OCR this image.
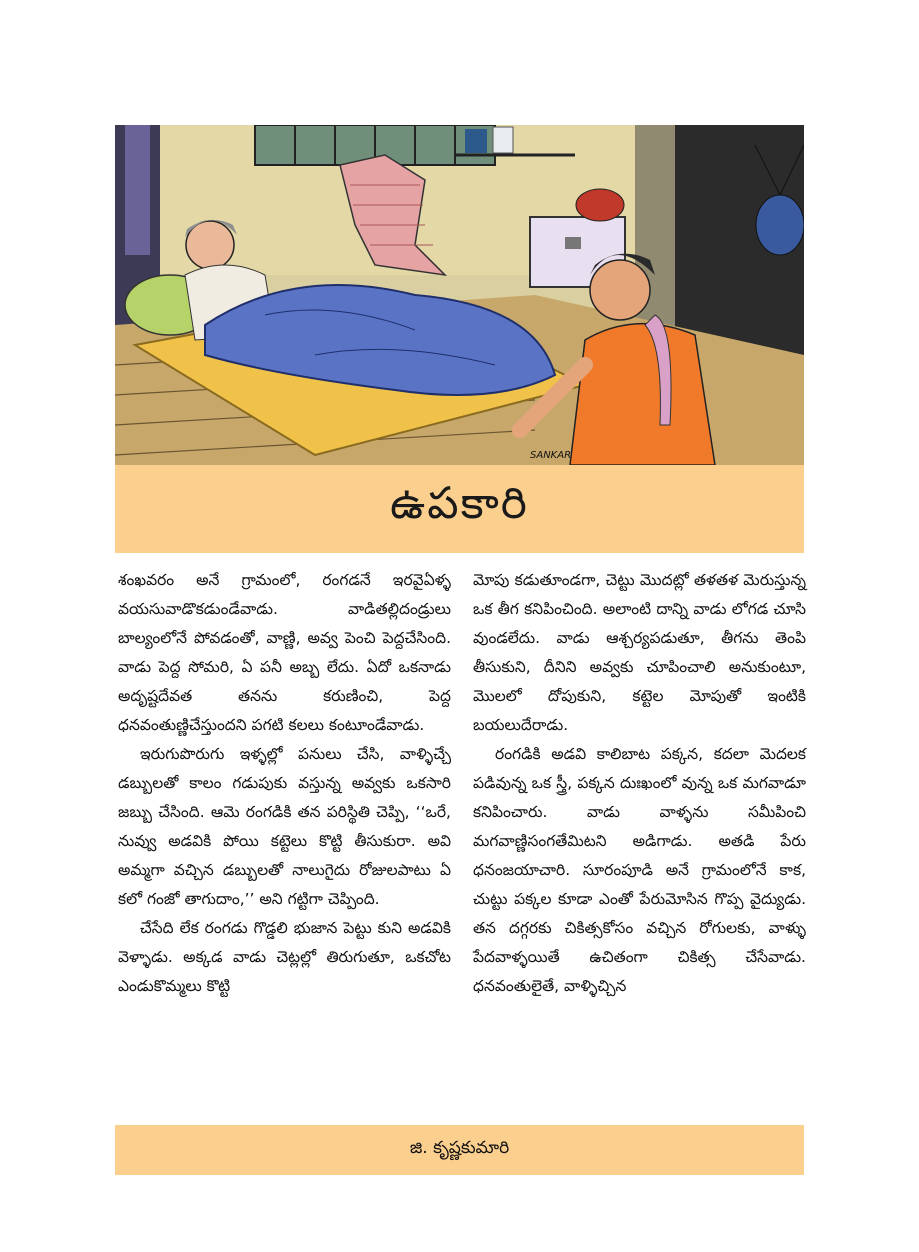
SANKAR
ఉపకారి

శంఖవరం అనే గ్రామంలో, రంగడనే ఇరవైఏళ్ళ వయసువాడొకడుండేవాడు. వాడితల్లిదండ్రులు బాల్యంలోనే పోవడంతో, వాణ్ణి, అవ్వ పెంచి పెద్దచేసింది. వాడు పెద్ద సోమరి, ఏ పనీ అబ్బ లేదు. ఏదో ఒకనాడు అదృష్టదేవత తనను కరుణించి, పెద్ద ధనవంతుణ్ణిచేస్తుందని పగటి కలలు కంటూండేవాడు.

ఇరుగుపొరుగు ఇళ్ళల్లో పనులు చేసి, వాళ్ళిచ్చే డబ్బులతో కాలం గడుపుకు వస్తున్న అవ్వకు ఒకసారి జబ్బు చేసింది. ఆమె రంగడికి తన పరిస్థితి చెప్పి, ‘‘ఒరే, నువ్వు అడవికి పోయి కట్టెలు కొట్టి తీసుకురా. అవి అమ్మగా వచ్చిన డబ్బులతో నాలుగైదు రోజులపాటు ఏ కలో గంజో తాగుదాం,’’ అని గట్టిగా చెప్పింది.

చేసేది లేక రంగడు గొడ్డలి భుజాన పెట్టు కుని అడవికి వెళ్ళాడు. అక్కడ వాడు చెట్లల్లో తిరుగుతూ, ఒకచోట ఎండుకొమ్మలు కొట్టి

మోపు కడుతూండగా, చెట్టు మొదట్లో తళతళ మెరుస్తున్న ఒక తీగ కనిపించింది. అలాంటి దాన్ని వాడు లోగడ చూసి వుండలేదు. వాడు ఆశ్చర్యపడుతూ, తీగను తెంపి తీసుకుని, దీనిని అవ్వకు చూపించాలి అనుకుంటూ, మొలలో దోపుకుని, కట్టెల మోపుతో ఇంటికి బయలుదేరాడు.

రంగడికి అడవి కాలిబాట పక్కన, కదలా మెదలక పడివున్న ఒక స్త్రీ, పక్కన దుఃఖంలో వున్న ఒక మగవాడూ కనిపించారు. వాడు వాళ్ళను సమీపించి మగవాణ్ణిసంగతేమిటని అడిగాడు. అతడి పేరు ధనంజయాచారి. సూరంపూడి అనే గ్రామంలోనే కాక, చుట్టు పక్కల కూడా ఎంతో పేరుమోసిన గొప్ప వైద్యుడు. తన దగ్గరకు చికిత్సకోసం వచ్చిన రోగులకు, వాళ్ళు పేదవాళ్ళయితే ఉచితంగా చికిత్స చేసేవాడు. ధనవంతులైతే, వాళ్ళిచ్చిన

జి. కృష్ణకుమారి
